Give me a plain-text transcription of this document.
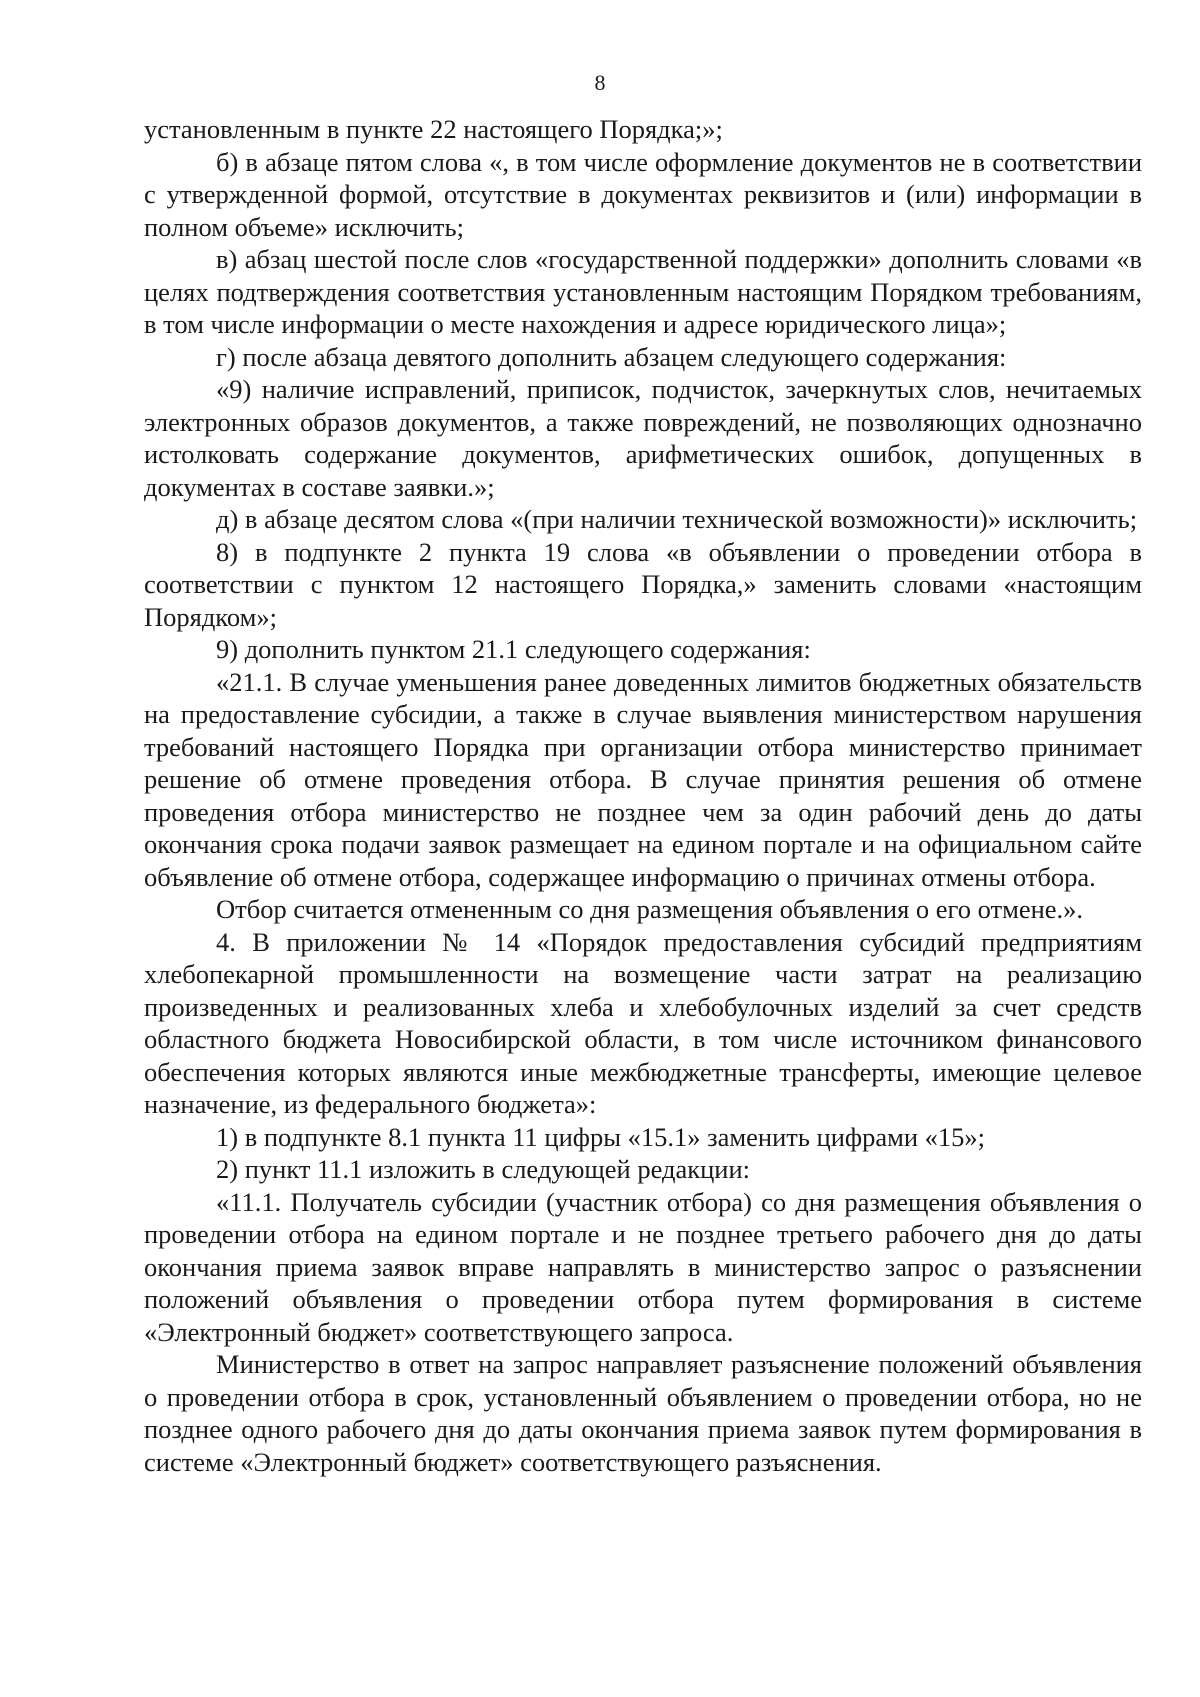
8

установленным в пункте 22 настоящего Порядка;»;

б) в абзаце пятом слова «, в том числе оформление документов не в соответствии с утвержденной формой, отсутствие в документах реквизитов и (или) информации в полном объеме» исключить;

в) абзац шестой после слов «государственной поддержки» дополнить словами «в целях подтверждения соответствия установленным настоящим Порядком требованиям, в том числе информации о месте нахождения и адресе юридического лица»;

г) после абзаца девятого дополнить абзацем следующего содержания:

«9) наличие исправлений, приписок, подчисток, зачеркнутых слов, нечитаемых электронных образов документов, а также повреждений, не позволяющих однозначно истолковать содержание документов, арифметических ошибок, допущенных в документах в составе заявки.»;

д) в абзаце десятом слова «(при наличии технической возможности)» исключить;

8) в подпункте 2 пункта 19 слова «в объявлении о проведении отбора в соответствии с пунктом 12 настоящего Порядка,» заменить словами «настоящим Порядком»;

9) дополнить пунктом 21.1 следующего содержания:

«21.1. В случае уменьшения ранее доведенных лимитов бюджетных обязательств на предоставление субсидии, а также в случае выявления министерством нарушения требований настоящего Порядка при организации отбора министерство принимает решение об отмене проведения отбора. В случае принятия решения об отмене проведения отбора министерство не позднее чем за один рабочий день до даты окончания срока подачи заявок размещает на едином портале и на официальном сайте объявление об отмене отбора, содержащее информацию о причинах отмены отбора.

Отбор считается отмененным со дня размещения объявления о его отмене.».

4. В приложении № 14 «Порядок предоставления субсидий предприятиям хлебопекарной промышленности на возмещение части затрат на реализацию произведенных и реализованных хлеба и хлебобулочных изделий за счет средств областного бюджета Новосибирской области, в том числе источником финансового обеспечения которых являются иные межбюджетные трансферты, имеющие целевое назначение, из федерального бюджета»:

1) в подпункте 8.1 пункта 11 цифры «15.1» заменить цифрами «15»;

2) пункт 11.1 изложить в следующей редакции:

«11.1. Получатель субсидии (участник отбора) со дня размещения объявления о проведении отбора на едином портале и не позднее третьего рабочего дня до даты окончания приема заявок вправе направлять в министерство запрос о разъяснении положений объявления о проведении отбора путем формирования в системе «Электронный бюджет» соответствующего запроса.

Министерство в ответ на запрос направляет разъяснение положений объявления о проведении отбора в срок, установленный объявлением о проведении отбора, но не позднее одного рабочего дня до даты окончания приема заявок путем формирования в системе «Электронный бюджет» соответствующего разъяснения.
